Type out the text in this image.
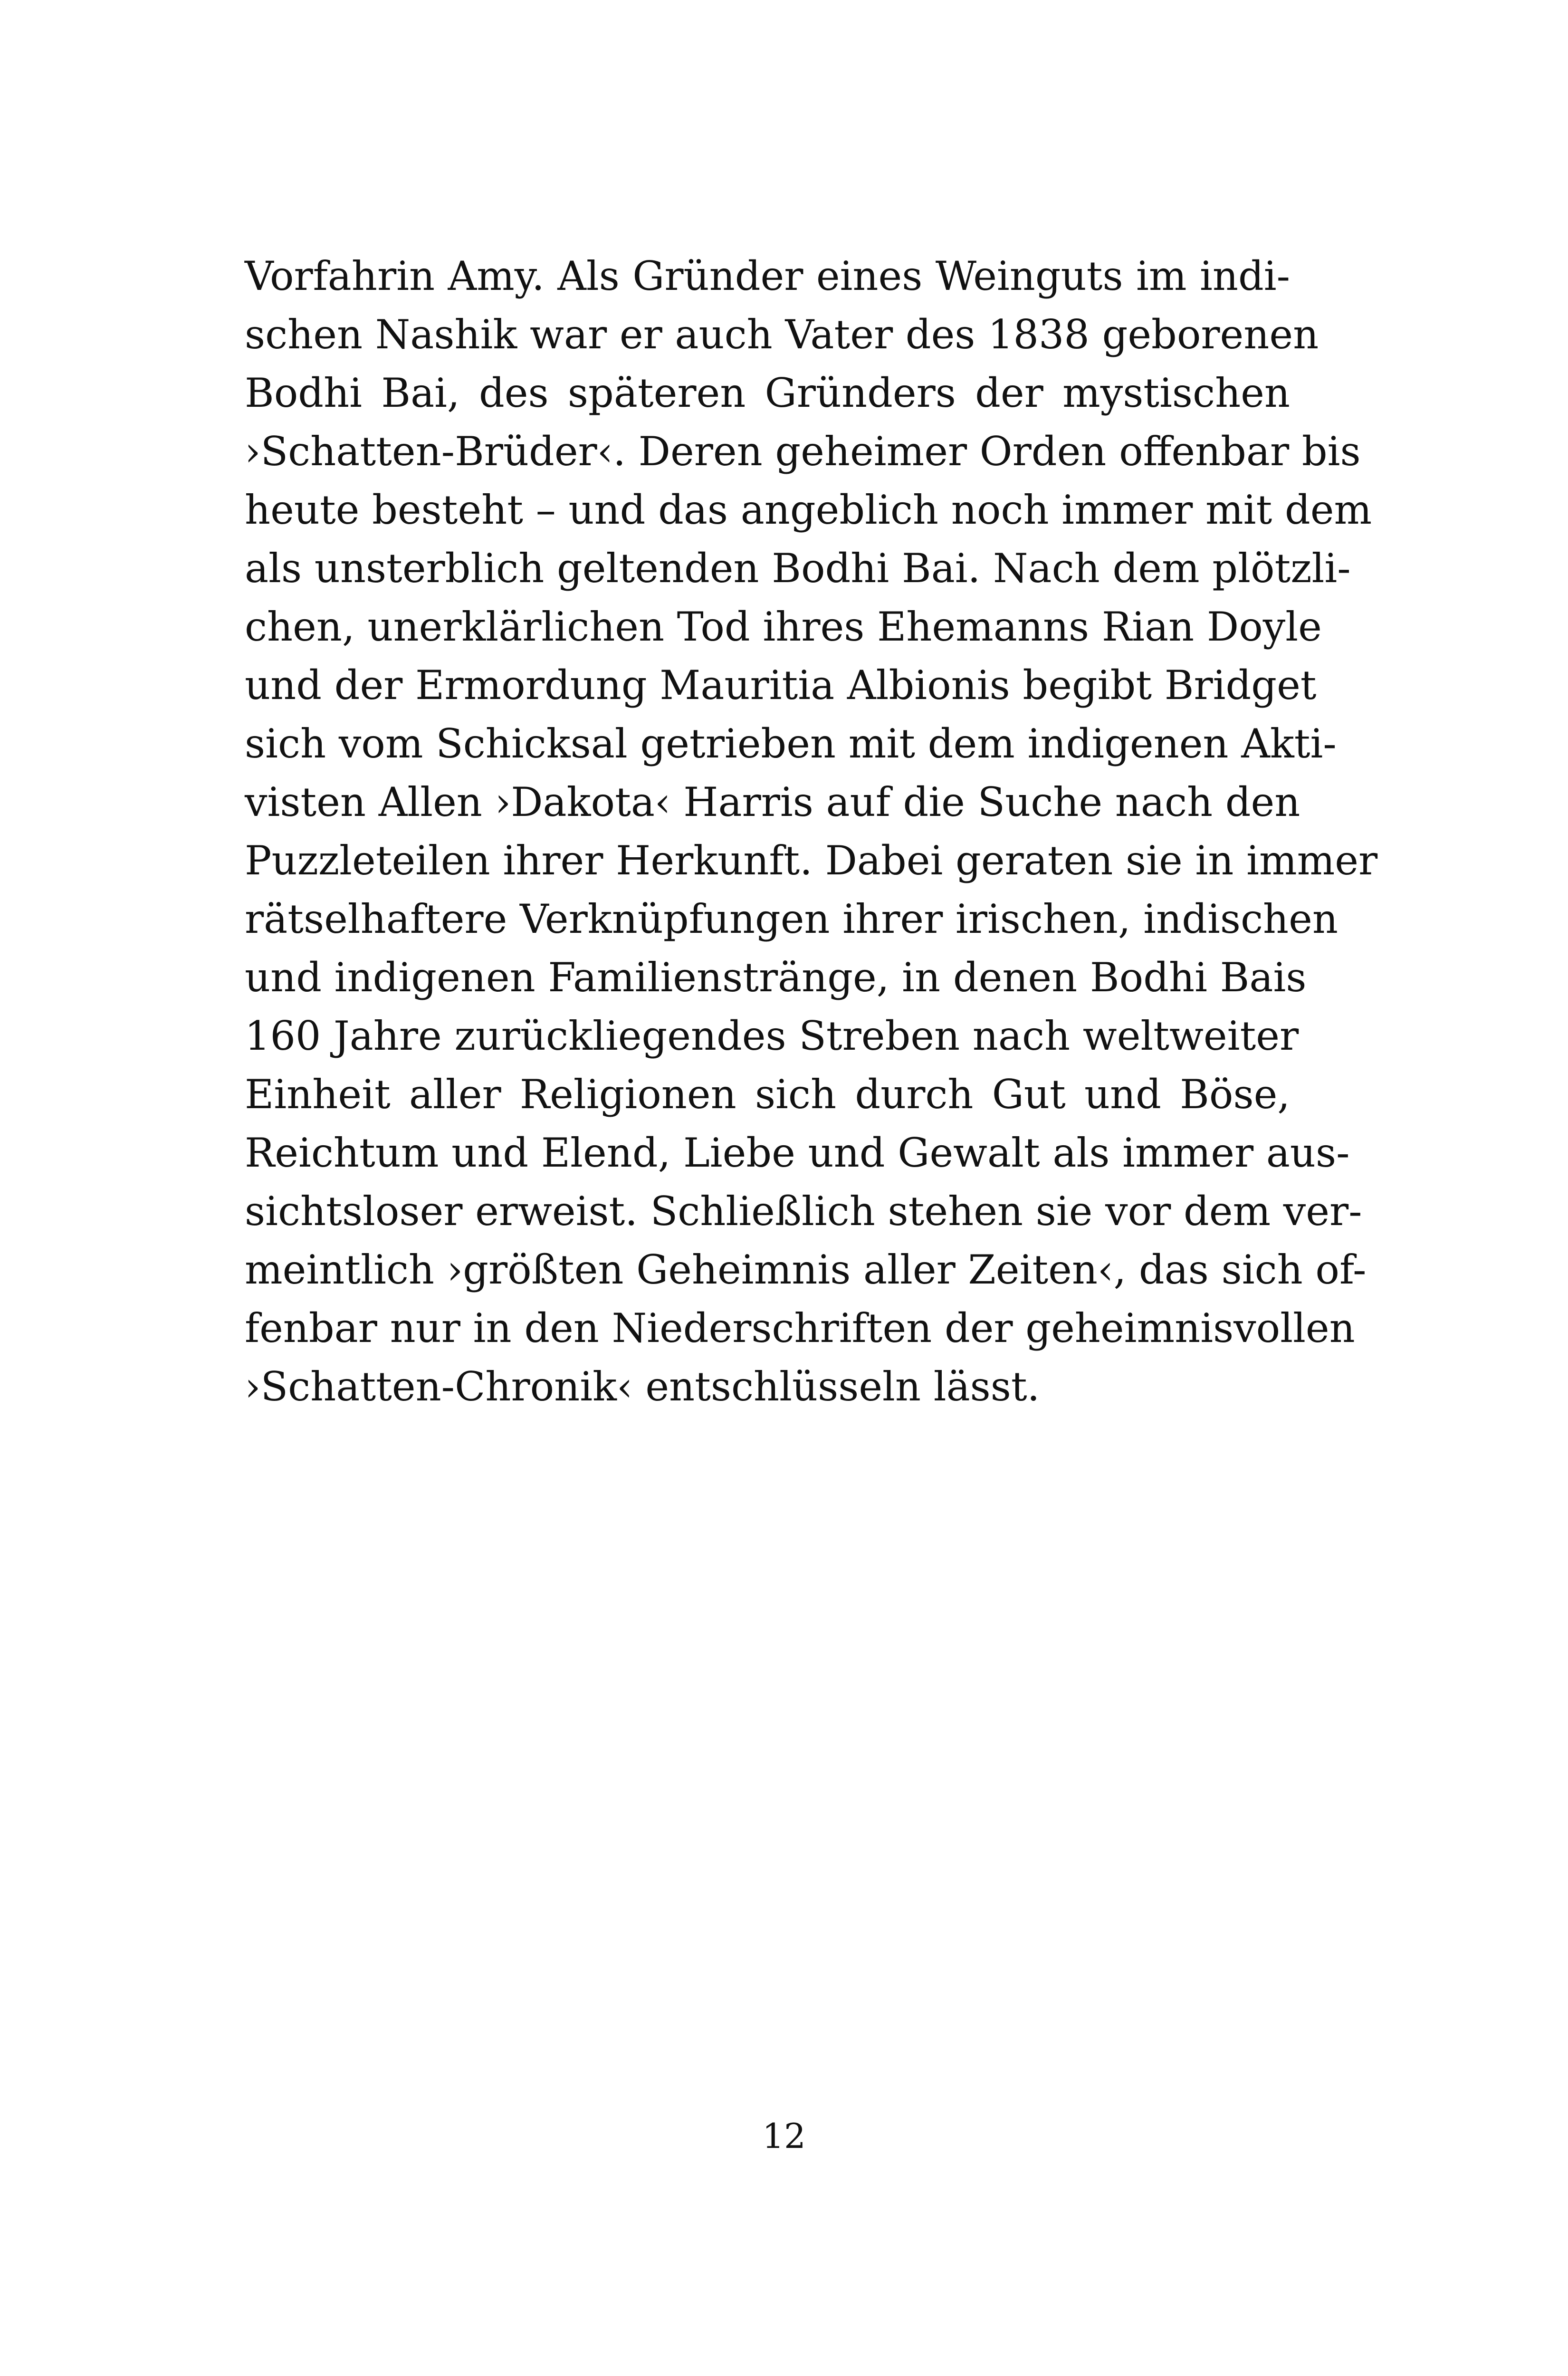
Vorfahrin Amy. Als Gründer eines Weinguts im indi-
schen Nashik war er auch Vater des 1838 geborenen
Bodhi Bai, des späteren Gründers der mystischen
›Schatten-Brüder‹. Deren geheimer Orden offenbar bis
heute besteht – und das angeblich noch immer mit dem
als unsterblich geltenden Bodhi Bai. Nach dem plötzli-
chen, unerklärlichen Tod ihres Ehemanns Rian Doyle
und der Ermordung Mauritia Albionis begibt Bridget
sich vom Schicksal getrieben mit dem indigenen Akti-
visten Allen ›Dakota‹ Harris auf die Suche nach den
Puzzleteilen ihrer Herkunft. Dabei geraten sie in immer
rätselhaftere Verknüpfungen ihrer irischen, indischen
und indigenen Familienstränge, in denen Bodhi Bais
160 Jahre zurückliegendes Streben nach weltweiter
Einheit aller Religionen sich durch Gut und Böse,
Reichtum und Elend, Liebe und Gewalt als immer aus-
sichtsloser erweist. Schließlich stehen sie vor dem ver-
meintlich ›größten Geheimnis aller Zeiten‹, das sich of-
fenbar nur in den Niederschriften der geheimnisvollen
›Schatten-Chronik‹ entschlüsseln lässt.
12
